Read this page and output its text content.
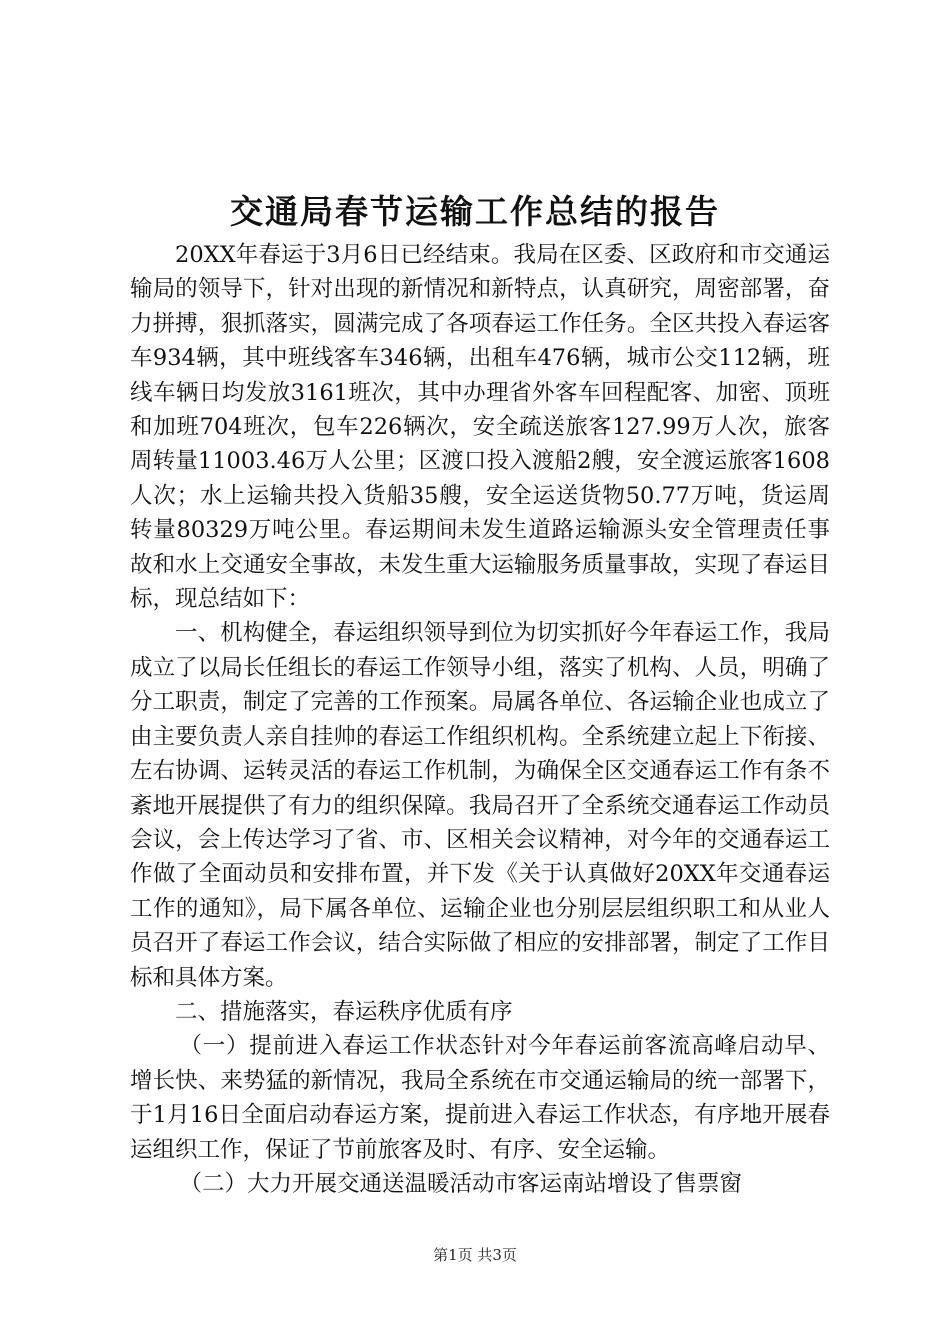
交通局春节运输工作总结的报告

20XX年春运于3月6日已经结束。我局在区委、区政府和市交通运输局的领导下，针对出现的新情况和新特点，认真研究，周密部署，奋力拼搏，狠抓落实，圆满完成了各项春运工作任务。全区共投入春运客车934辆，其中班线客车346辆，出租车476辆，城市公交112辆，班线车辆日均发放3161班次，其中办理省外客车回程配客、加密、顶班和加班704班次，包车226辆次，安全疏送旅客127.99万人次，旅客周转量11003.46万人公里；区渡口投入渡船2艘，安全渡运旅客1608人次；水上运输共投入货船35艘，安全运送货物50.77万吨，货运周转量80329万吨公里。春运期间未发生道路运输源头安全管理责任事故和水上交通安全事故，未发生重大运输服务质量事故，实现了春运目标，现总结如下：

一、机构健全，春运组织领导到位为切实抓好今年春运工作，我局成立了以局长任组长的春运工作领导小组，落实了机构、人员，明确了分工职责，制定了完善的工作预案。局属各单位、各运输企业也成立了由主要负责人亲自挂帅的春运工作组织机构。全系统建立起上下衔接、左右协调、运转灵活的春运工作机制，为确保全区交通春运工作有条不紊地开展提供了有力的组织保障。我局召开了全系统交通春运工作动员会议，会上传达学习了省、市、区相关会议精神，对今年的交通春运工作做了全面动员和安排布置，并下发《关于认真做好20XX年交通春运工作的通知》，局下属各单位、运输企业也分别层层组织职工和从业人员召开了春运工作会议，结合实际做了相应的安排部署，制定了工作目标和具体方案。

二、措施落实，春运秩序优质有序

（一）提前进入春运工作状态针对今年春运前客流高峰启动早、增长快、来势猛的新情况，我局全系统在市交通运输局的统一部署下，于1月16日全面启动春运方案，提前进入春运工作状态，有序地开展春运组织工作，保证了节前旅客及时、有序、安全运输。

（二）大力开展交通送温暖活动市客运南站增设了售票窗

第1页 共3页
